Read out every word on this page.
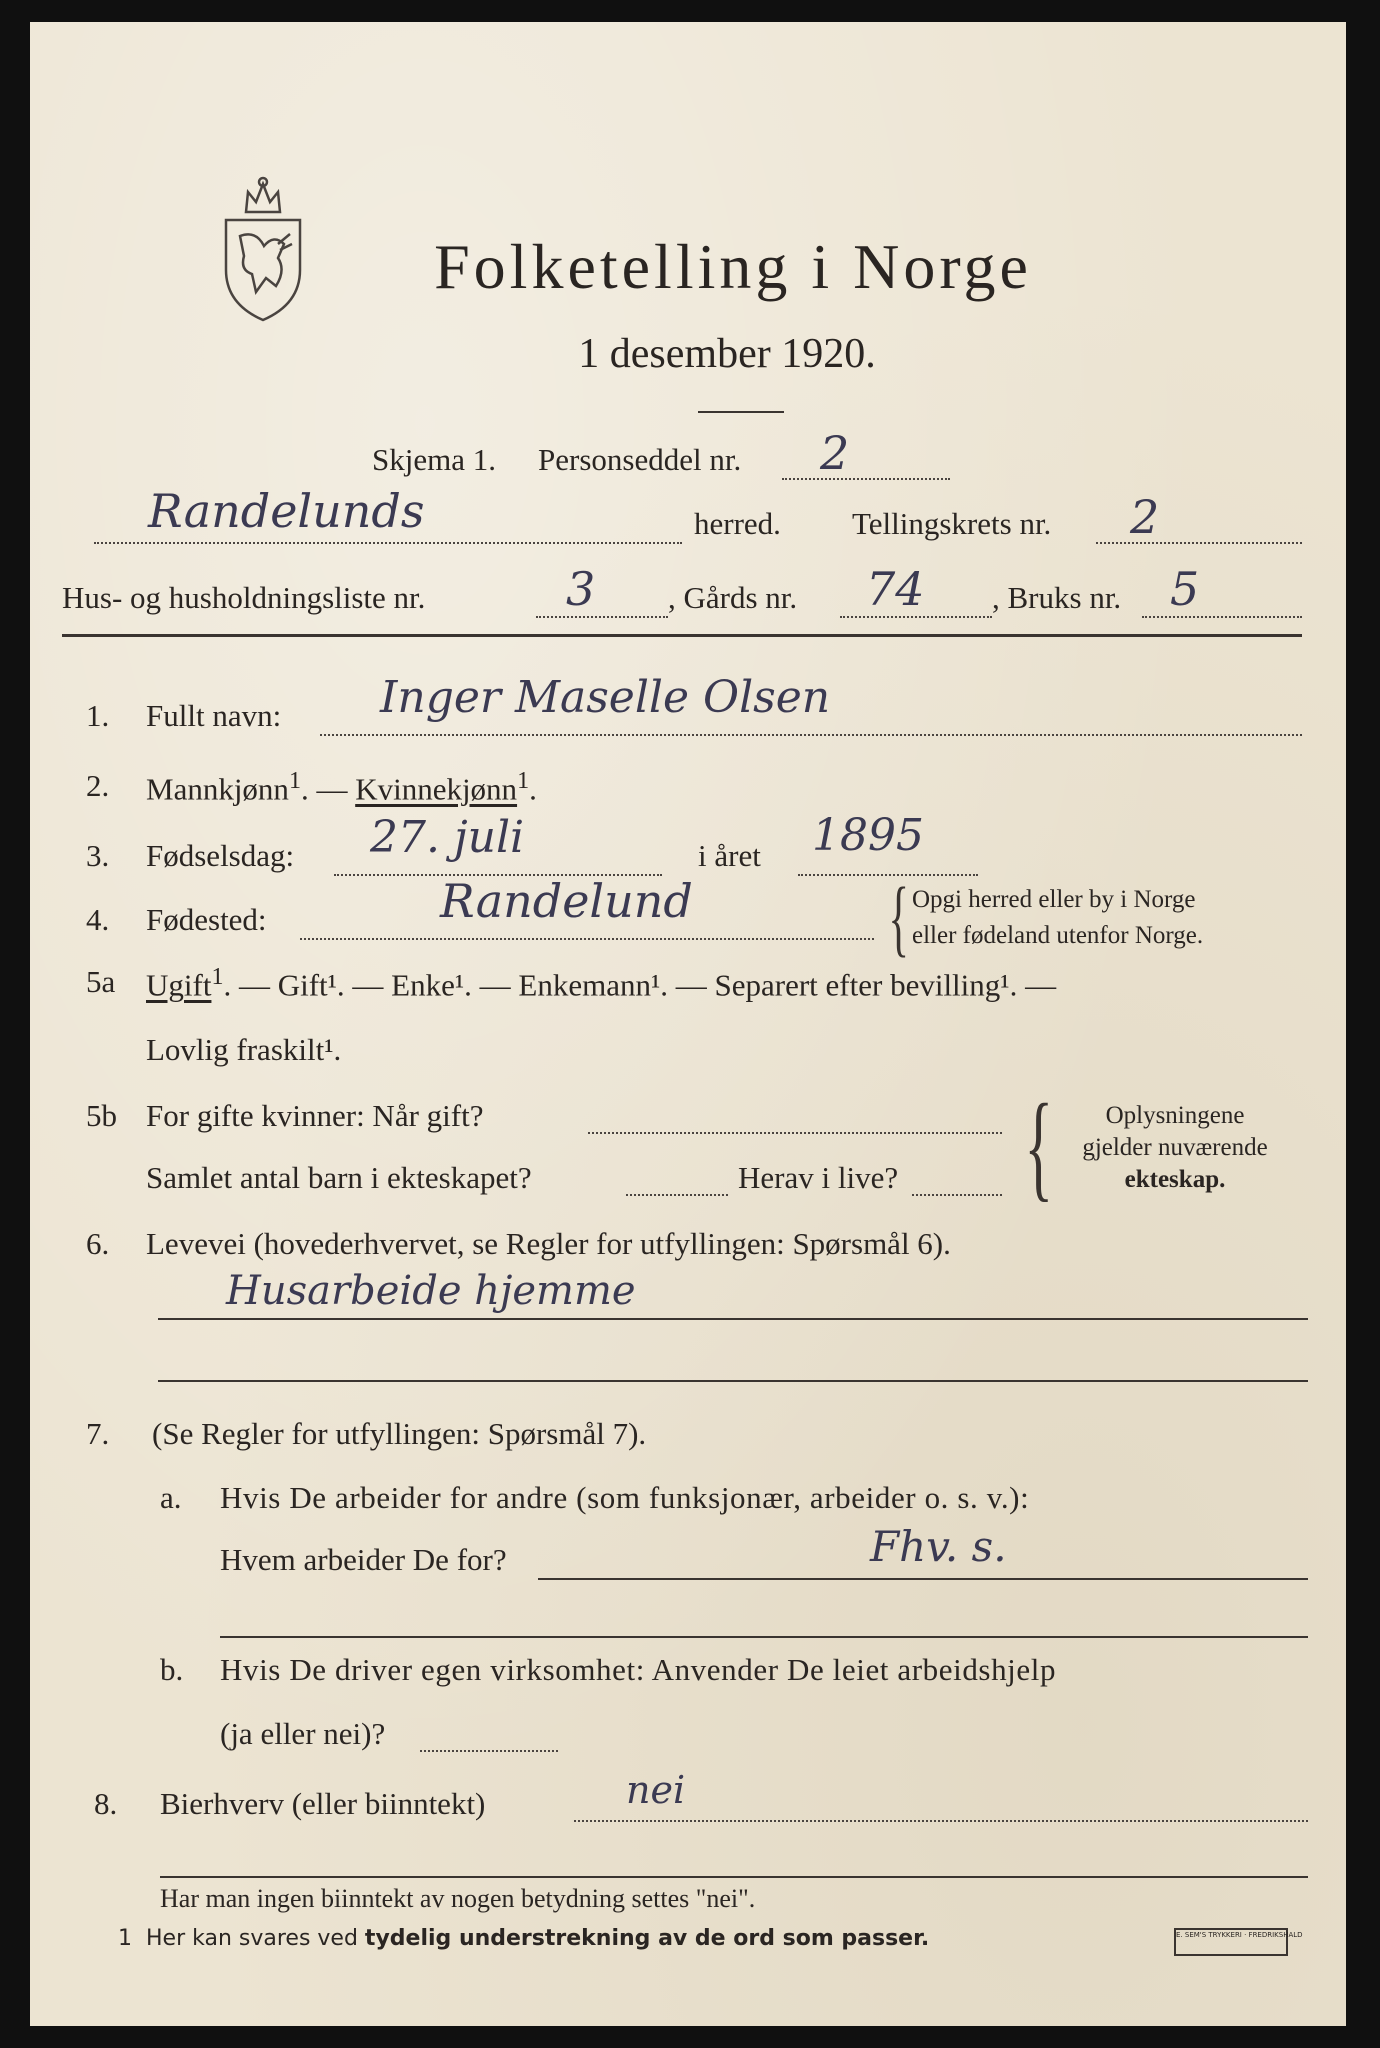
Folketelling i Norge
1 desember 1920.
Skjema 1. Personseddel nr. 2
Randelunds	herred. Tellingskrets nr. 2
Hus- og husholdningsliste nr.	3 , Gårds nr. 74 , Bruks nr. 5
1. Fullt navn: Inger Maselle Olsen
2. Mannkjønn$^1$. — Kvinnekjønn$^1$.
3. Fødselsdag: 27. juli	i året 1895
4. Fødested:	Randelund { Opgi herred eller by i Norge
eller fødeland utenfor Norge.
5a Ugift$^1$. — Gift¹. — Enke¹. — Enkemann¹. — Separert efter bevilling¹. —
Lovlig fraskilt¹.
5b For gifte kvinner: Når gift?
Samlet antal barn i ekteskapet?	Herav i live? {	Oplysningene
gjelder nuværende
ekteskap.
6. Levevei (hovederhvervet, se Regler for utfyllingen: Spørsmål 6).
Husarbeide hjemme
7. (Se Regler for utfyllingen: Spørsmål 7).
a. Hvis De arbeider for andre (som funksjonær, arbeider o. s. v.):
Hvem arbeider De for?	Fhv. s.
b. Hvis De driver egen virksomhet: Anvender De leiet arbeidshjelp
(ja eller nei)?
8. Bierhverv (eller biinntekt)	nei
Har man ingen biinntekt av nogen betydning settes "nei".
1 Her kan svares ved tydelig understrekning av de ord som passer.	E. SEM'S TRYKKERI · FREDRIKSHALD
